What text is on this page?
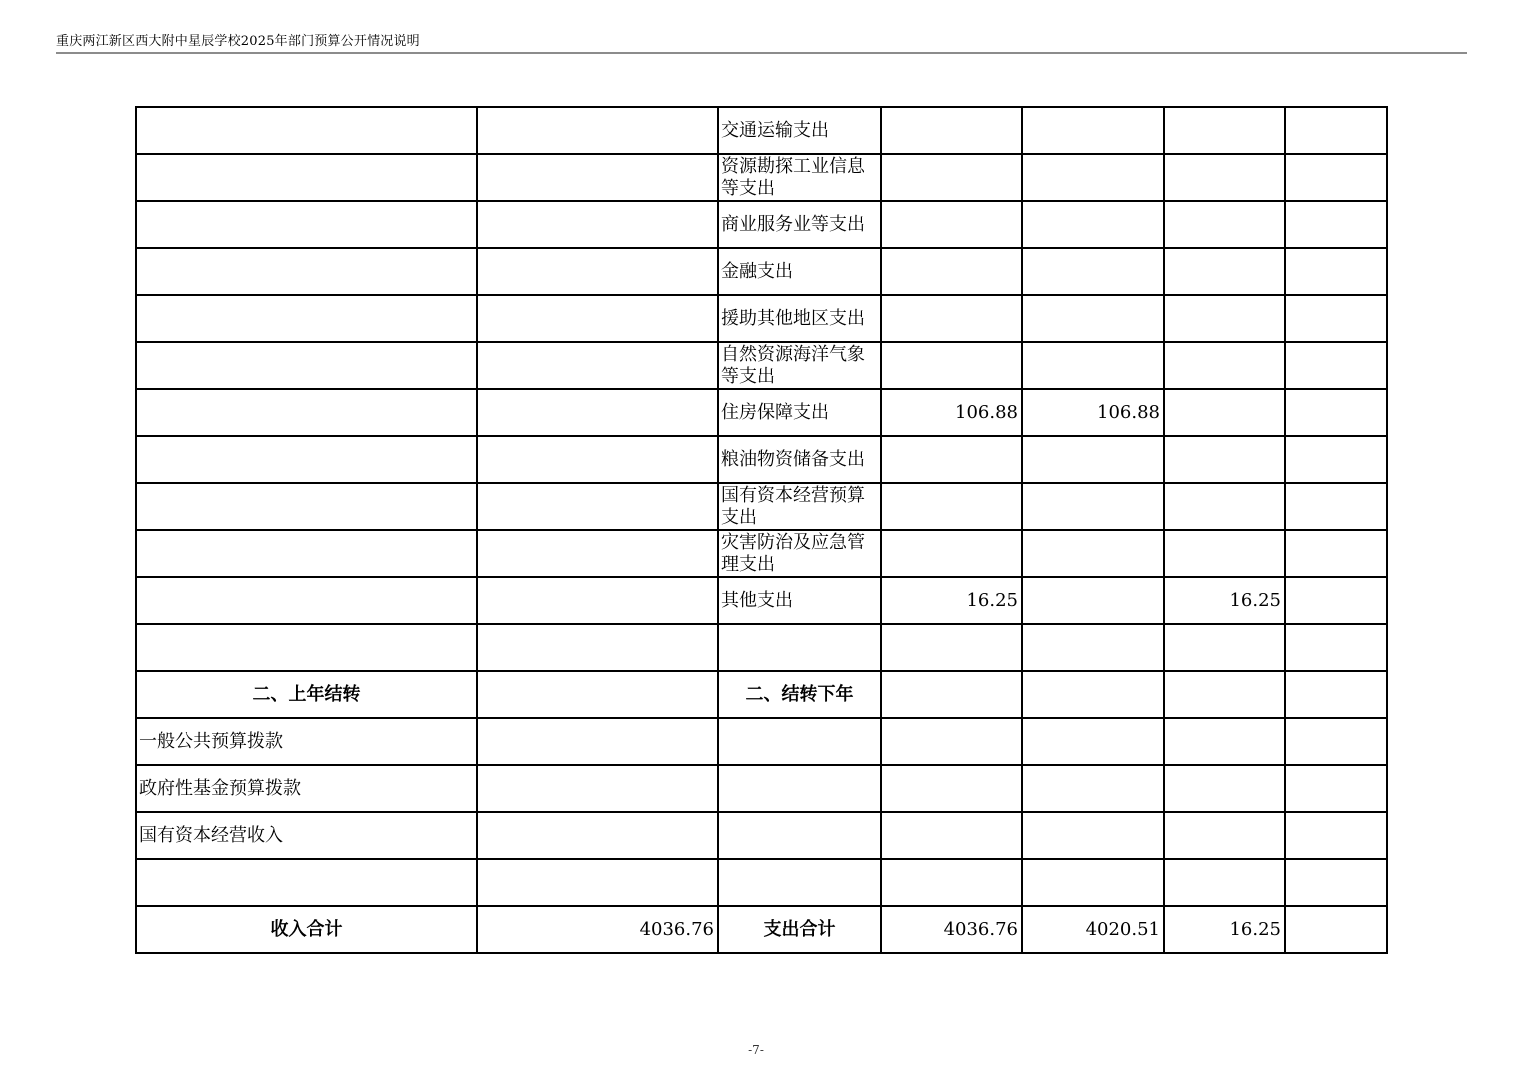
重庆两江新区西大附中星辰学校2025年部门预算公开情况说明
		交通运输支出				
		资源勘探工业信息等支出				
		商业服务业等支出				
		金融支出				
		援助其他地区支出				
		自然资源海洋气象等支出				
		住房保障支出	106.88	106.88		
		粮油物资储备支出				
		国有资本经营预算支出				
		灾害防治及应急管理支出				
		其他支出	16.25		16.25	

二、上年结转		二、结转下年				
一般公共预算拨款						
政府性基金预算拨款						
国有资本经营收入						

收入合计	4036.76	支出合计	4036.76	4020.51	16.25	
-7-
